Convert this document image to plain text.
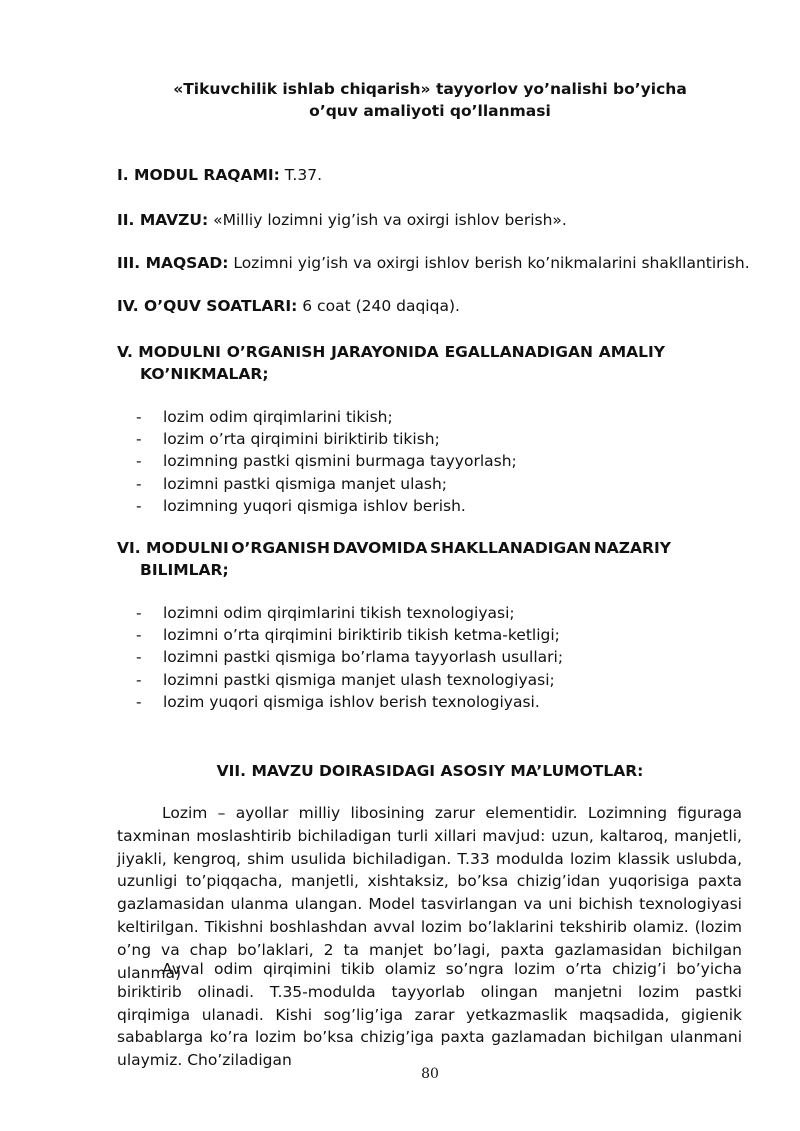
«Tikuvchilik ishlab chiqarish» tayyorlov yo’nalishi bo’yicha
o’quv amaliyoti qo’llanmasi
I. MODUL RAQAMI: T.37.
II. MAVZU: «Milliy lozimni yig’ish va oxirgi ishlov berish».
III. MAQSAD: Lozimni yig’ish va oxirgi ishlov berish ko’nikmalarini shakllantirish.
IV. O’QUV SOATLARI: 6 соat (240 daqiqa).
V. MODULNI O’RGANISH JARAYONIDA EGALLANADIGAN AMALIY
KO’NIKMALAR;
- lozim odim qirqimlarini tikish;
- lozim o’rta qirqimini biriktirib tikish;
- lozimning pastki qismini burmaga tayyorlash;
- lozimni pastki qismiga manjet ulash;
- lozimning yuqori qismiga ishlov berish.
VI. MODULNI O’RGANISH DAVOMIDA SHAKLLANADIGAN NAZARIY
BILIMLAR;
- lozimni odim qirqimlarini tikish texnologiyasi;
- lozimni o’rta qirqimini biriktirib tikish ketma-ketligi;
- lozimni pastki qismiga bo’rlama tayyorlash usullari;
- lozimni pastki qismiga manjet ulash texnologiyasi;
- lozim yuqori qismiga ishlov berish texnologiyasi.
VII. MAVZU DOIRASIDAGI ASOSIY MA’LUMOTLAR:
Lozim – ayollar milliy libosining zarur elementidir. Lozimning figuraga taxminan moslashtirib bichiladigan turli xillari mavjud: uzun, kaltaroq, manjetli, jiyakli, kengroq, shim usulida bichiladigan. T.33 modulda lozim klassik uslubda, uzunligi to’piqqacha, manjetli, xishtaksiz, bo’ksa chizig’idan yuqorisiga paxta gazlamasidan ulanma ulangan. Model tasvirlangan va uni bichish texnologiyasi keltirilgan. Tikishni boshlashdan avval lozim bo’laklarini tekshirib olamiz. (lozim o’ng va chap bo’laklari, 2 ta manjet bo’lagi, paxta gazlamasidan bichilgan ulanma)
Avval odim qirqimini tikib olamiz so’ngra lozim o’rta chizig’i bo’yicha biriktirib olinadi. T.35-modulda tayyorlab olingan manjetni lozim pastki qirqimiga ulanadi. Kishi sog’lig’iga zarar yetkazmaslik maqsadida, gigienik sabablarga ko’ra lozim bo’ksa chizig’iga paxta gazlamadan bichilgan ulanmani ulaymiz. Cho’ziladigan
80
